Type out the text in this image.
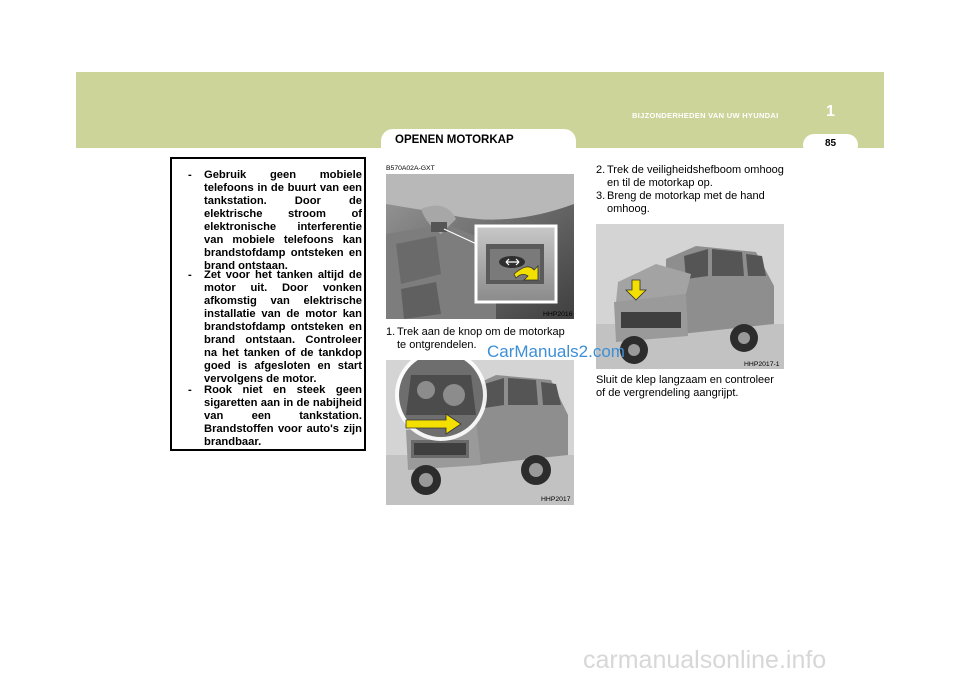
BIJZONDERHEDEN VAN UW HYUNDAI	1
85
OPENEN MOTORKAP
- Gebruik geen mobiele telefoons in de buurt van een tankstation. Door de elektrische stroom of elektronische interferentie van mobiele telefoons kan brandstofdamp ontsteken en brand ontstaan.
- Zet voor het tanken altijd de motor uit. Door vonken afkomstig van elektrische installatie van de motor kan brandstofdamp ontsteken en brand ontstaan. Controleer na het tanken of de tankdop goed is afgesloten en start vervolgens de motor.
- Rook niet en steek geen sigaretten aan in de nabijheid van een tankstation. Brandstoffen voor auto's zijn brandbaar.
B570A02A-GXT
HHP2016
1. Trek aan de knop om de motorkap te ontgrendelen.
HHP2017
2. Trek de veiligheidshefboom omhoog en til de motorkap op.
3. Breng de motorkap met de hand omhoog.
HHP2017-1
Sluit de klep langzaam en controleer of de vergrendeling aangrijpt.
CarManuals2.com
carmanualsonline.info
